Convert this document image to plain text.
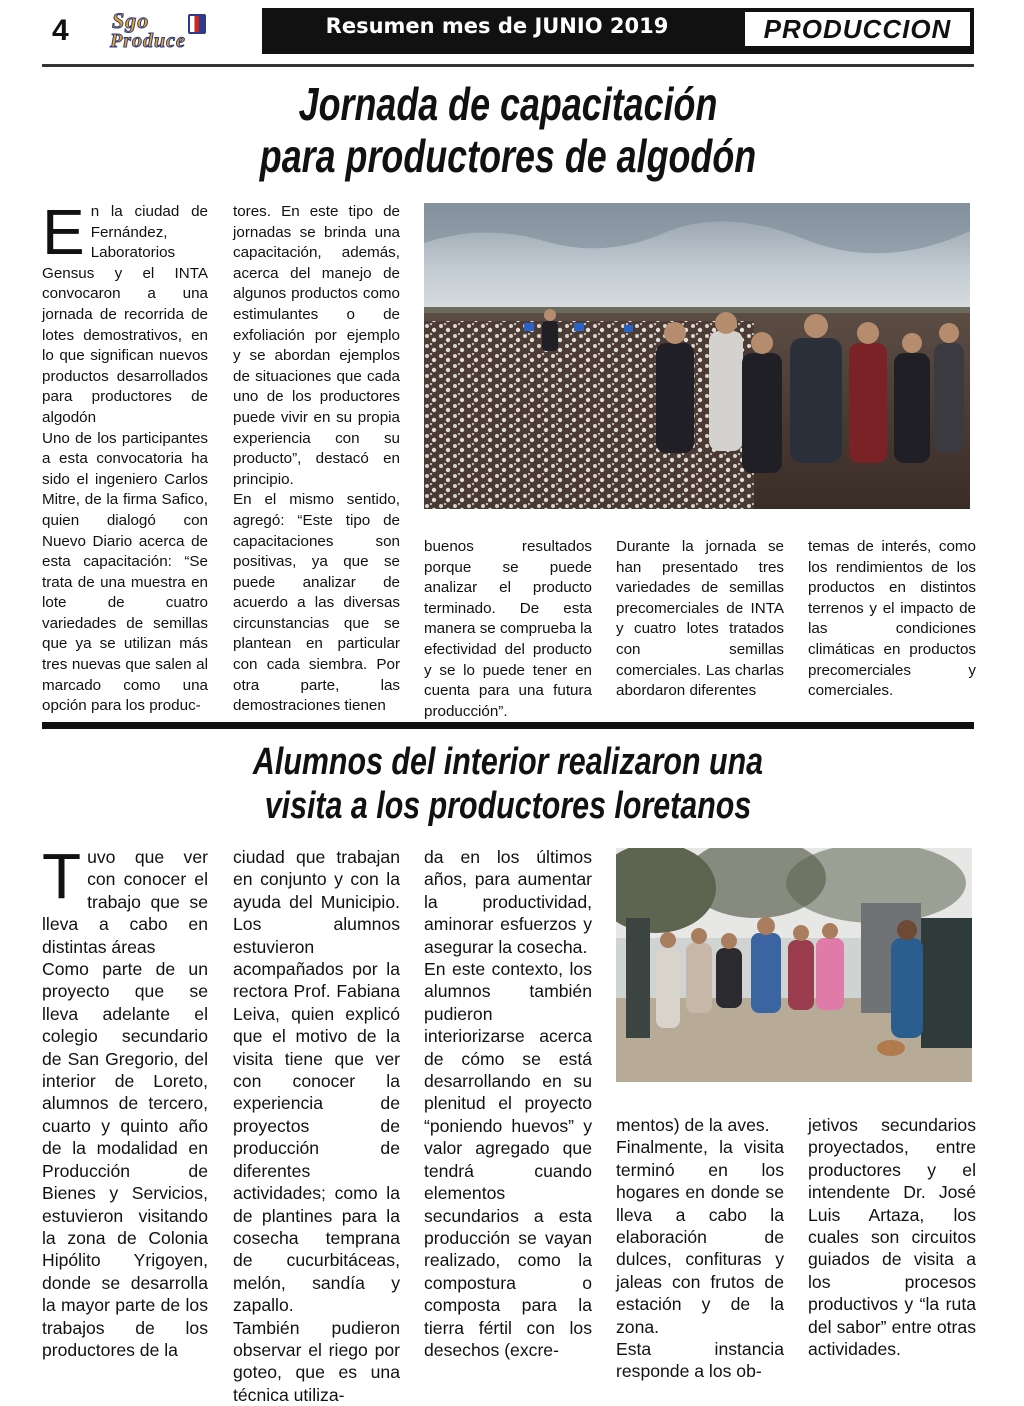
4 Sgo
Produce
Resumen mes de JUNIO 2019	PRODUCCION
Jornada de capacitación
para productores de algodón
E n la ciudad de Fernández, Laboratorios Gensus y el INTA convocaron a una jornada de recorrida de lotes demostrativos, en lo que significan nuevos productos desarrollados para productores de algodón
Uno de los participantes a esta convocatoria ha sido el ingeniero Carlos Mitre, de la firma Safico, quien dialogó con Nuevo Diario acerca de esta capacitación: “Se trata de una muestra en lote de cuatro variedades de semillas que ya se utilizan más tres nuevas que salen al marcado como una opción para los produc-
tores. En este tipo de jornadas se brinda una capacitación, además, acerca del manejo de algunos productos como estimulantes o de exfoliación por ejemplo y se abordan ejemplos de situaciones que cada uno de los productores puede vivir en su propia experiencia con su producto”, destacó en principio.
En el mismo sentido, agregó: “Este tipo de capacitaciones son positivas, ya que se puede analizar de acuerdo a las diversas circunstancias que se plantean en particular con cada siembra. Por otra parte, las demostraciones tienen
buenos resultados porque se puede analizar el producto terminado. De esta manera se comprueba la efectividad del producto y se lo puede tener en cuenta para una futura producción”.
Durante la jornada se han presentado tres variedades de semillas precomerciales de INTA y cuatro lotes tratados con semillas comerciales. Las charlas abordaron diferentes
temas de interés, como los rendimientos de los productos en distintos terrenos y el impacto de las condiciones climáticas en productos precomerciales y comerciales.
Alumnos del interior realizaron una
visita a los productores loretanos
T uvo que ver con conocer el trabajo que se lleva a cabo en distintas áreas
Como parte de un proyecto que se lleva adelante el colegio secundario de San Gregorio, del interior de Loreto, alumnos de tercero, cuarto y quinto año de la modalidad en Producción de Bienes y Servicios, estuvieron visitando la zona de Colonia Hipólito Yrigoyen, donde se desarrolla la mayor parte de los trabajos de los productores de la
ciudad que trabajan en conjunto y con la ayuda del Municipio. Los alumnos estuvieron acompañados por la rectora Prof. Fabiana Leiva, quien explicó que el motivo de la visita tiene que ver con conocer la experiencia de proyectos de producción de diferentes actividades; como la de plantines para la cosecha temprana de cucurbitáceas, melón, sandía y zapallo.
También pudieron observar el riego por goteo, que es una técnica utiliza-
da en los últimos años, para aumentar la productividad, aminorar esfuerzos y asegurar la cosecha.
En este contexto, los alumnos también pudieron interiorizarse acerca de cómo se está desarrollando en su plenitud el proyecto “poniendo huevos” y valor agregado que tendrá cuando elementos secundarios a esta producción se vayan realizado, como la compostura o composta para la tierra fértil con los desechos (excre-
mentos) de la aves.
Finalmente, la visita terminó en los hogares en donde se lleva a cabo la elaboración de dulces, confituras y jaleas con frutos de estación y de la zona.
Esta instancia responde a los ob-
jetivos secundarios proyectados, entre productores y el intendente Dr. José Luis Artaza, los cuales son circuitos guiados de visita a los procesos productivos y “la ruta del sabor” entre otras actividades.
